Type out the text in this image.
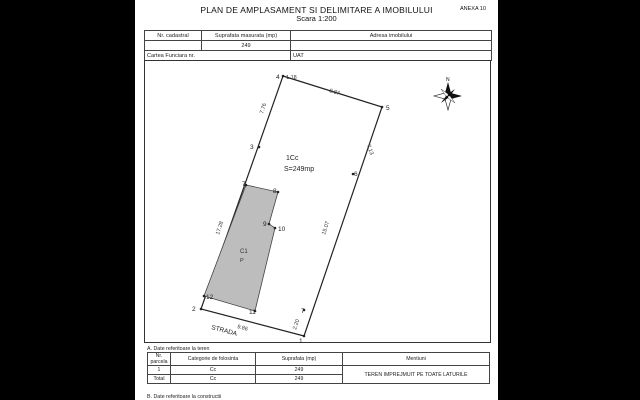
PLAN DE AMPLASAMENT SI DELIMITARE A IMOBILULUI
Scara 1:200
ANEXA 10
Nr. cadastral	Suprafata masurata (mp)	Adresa imobilului
	249	
Cartea Funciara nr.		UAT
1Cc
S=249mp
C1
P
5
4
3
6
7
8
9
10
12
11
2	7
1
1.18
8.87
7.76
7.13
17.28	15.07
2.20
9.86
STRADA
N
A. Date referitoare la teren
Nr. parcela	Categorie de folosinta	Suprafata (mp)	Mentiuni
1	Cc	249	TEREN IMPREJMUIT PE TOATE LATURILE
Total	Cc	249	
B. Date referitoare la constructii
